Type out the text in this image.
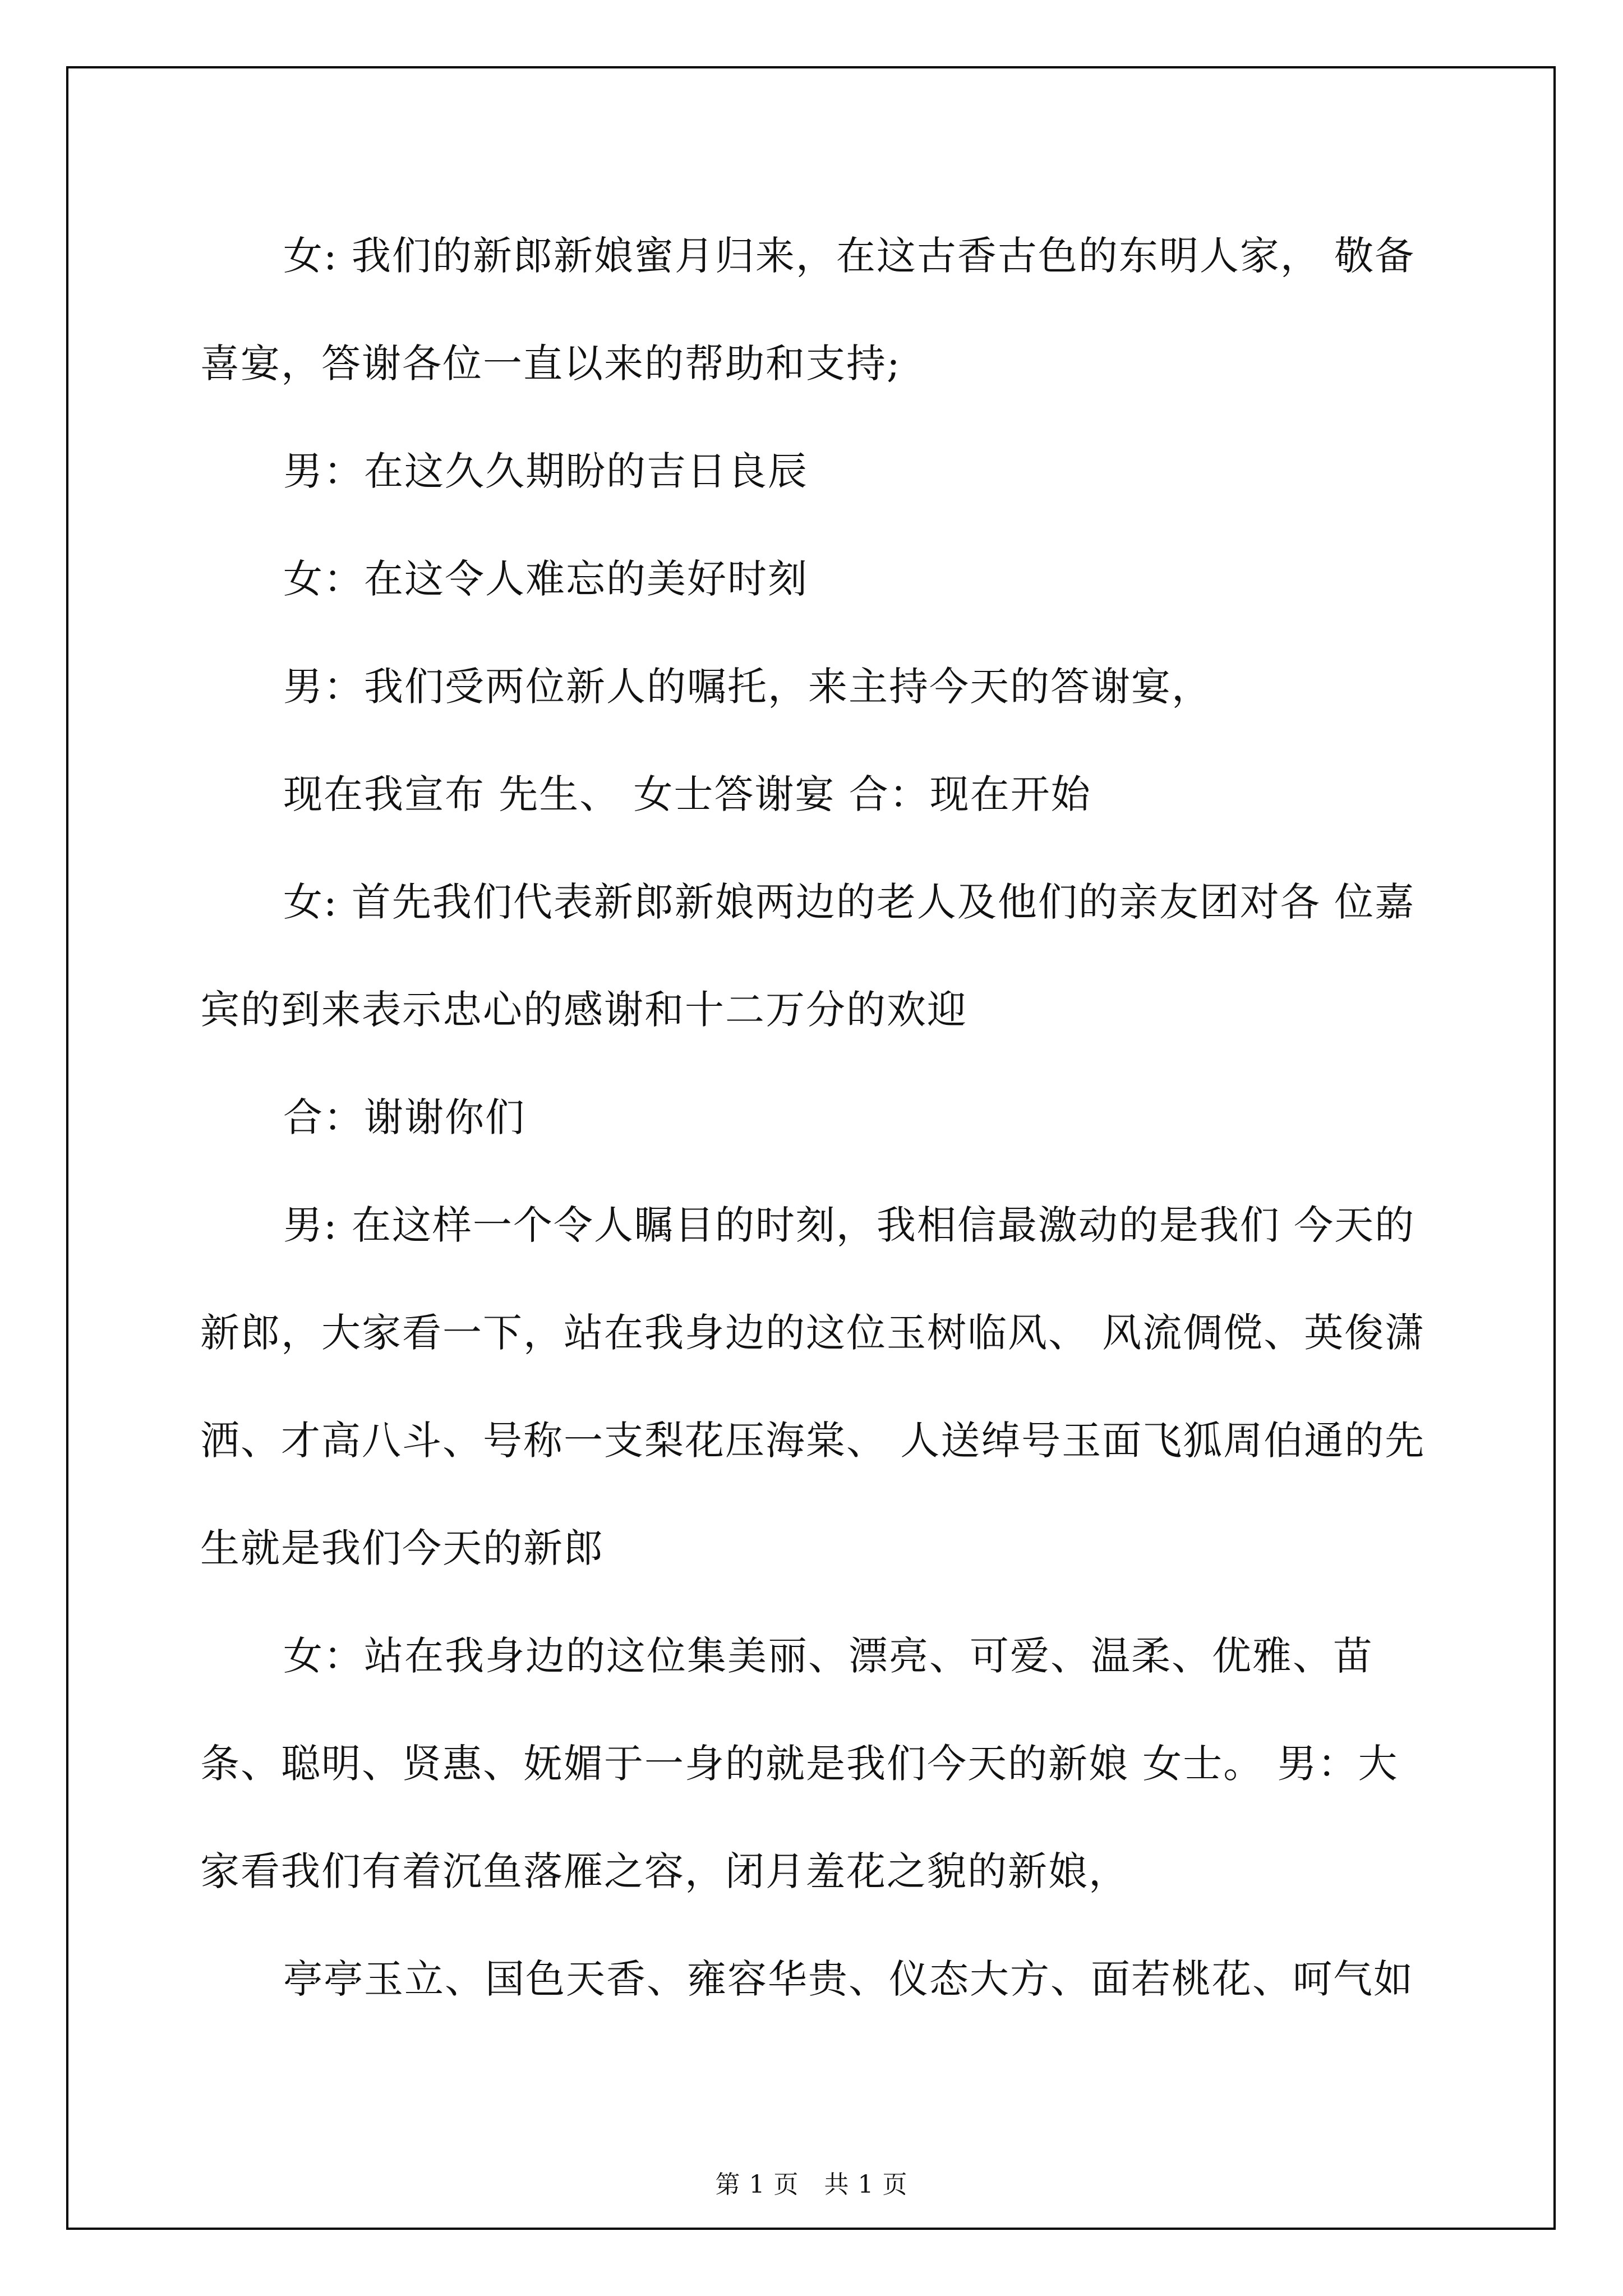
女: 我们的新郎新娘蜜月归来，在这古香古色的东明人家， 敬备喜宴，答谢各位一直以来的帮助和支持;

男：在这久久期盼的吉日良辰

女：在这令人难忘的美好时刻

男：我们受两位新人的嘱托，来主持今天的答谢宴，

现在我宣布 先生、 女士答谢宴 合：现在开始

女: 首先我们代表新郎新娘两边的老人及他们的亲友团对各 位嘉宾的到来表示忠心的感谢和十二万分的欢迎

合：谢谢你们

男: 在这样一个令人瞩目的时刻，我相信最激动的是我们 今天的新郎，大家看一下，站在我身边的这位玉树临风、 风流倜傥、英俊潇洒、才高八斗、号称一支梨花压海棠、 人送绰号玉面飞狐周伯通的先生就是我们今天的新郎

女：站在我身边的这位集美丽、漂亮、可爱、温柔、优雅、苗条、聪明、贤惠、妩媚于一身的就是我们今天的新娘 女士。 男：大家看我们有着沉鱼落雁之容，闭月羞花之貌的新娘，

亭亭玉立、国色天香、雍容华贵、仪态大方、面若桃花、呵气如

第 1 页　共 1 页
